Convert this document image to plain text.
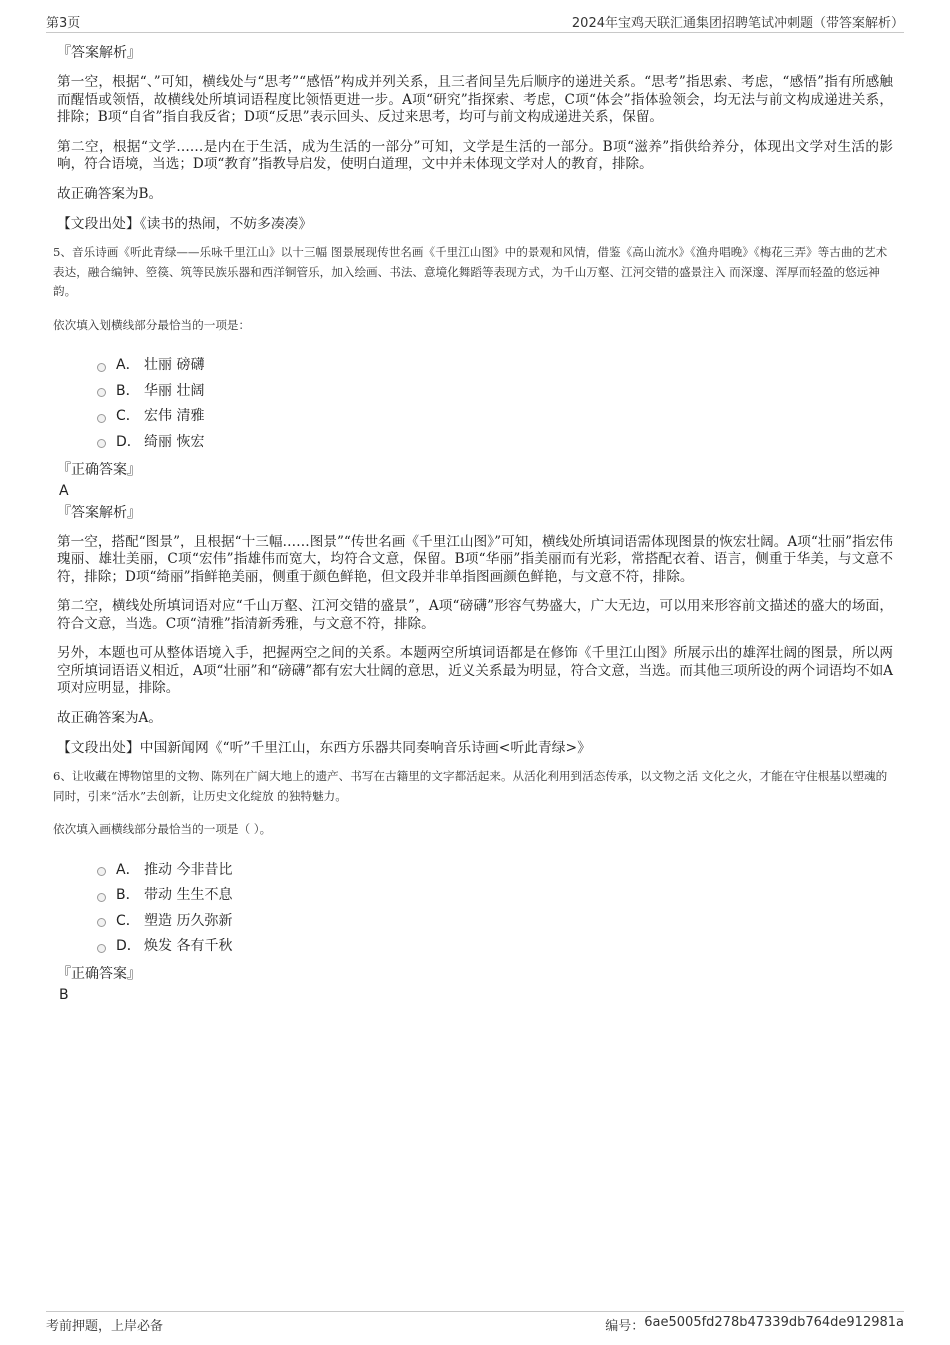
第3页	2024年宝鸡天联汇通集团招聘笔试冲刺题（带答案解析）
『答案解析』

第一空，根据“、”可知，横线处与“思考”“感悟”构成并列关系，且三者间呈先后顺序的递进关系。“思考”指思索、考虑，“感悟”指有所感触而醒悟或领悟，故横线处所填词语程度比领悟更进一步。A项“研究”指探索、考虑，C项“体会”指体验领会，均无法与前文构成递进关系，排除；B项“自省”指自我反省；D项“反思”表示回头、反过来思考，均可与前文构成递进关系，保留。

第二空，根据“文学……是内在于生活，成为生活的一部分”可知，文学是生活的一部分。B项“滋养”指供给养分，体现出文学对生活的影响，符合语境，当选；D项“教育”指教导启发，使明白道理，文中并未体现文学对人的教育，排除。

故正确答案为B。

【文段出处】《读书的热闹，不妨多凑凑》

5、音乐诗画《听此青绿——乐咏千里江山》以十三幅 图景展现传世名画《千里江山图》中的景观和风情，借鉴《高山流水》《渔舟唱晚》《梅花三弄》等古曲的艺术表达，融合编钟、箜篌、筑等民族乐器和西洋铜管乐，加入绘画、书法、意境化舞蹈等表现方式，为千山万壑、江河交错的盛景注入 而深邃、浑厚而轻盈的悠远神韵。

依次填入划横线部分最恰当的一项是：

A． 壮丽 磅礴
B． 华丽 壮阔
C． 宏伟 清雅
D． 绮丽 恢宏
『正确答案』
A
『答案解析』

第一空，搭配“图景”，且根据“十三幅……图景”“传世名画《千里江山图》”可知，横线处所填词语需体现图景的恢宏壮阔。A项“壮丽”指宏伟瑰丽、雄壮美丽，C项“宏伟”指雄伟而宽大，均符合文意，保留。B项“华丽”指美丽而有光彩，常搭配衣着、语言，侧重于华美，与文意不符，排除；D项“绮丽”指鲜艳美丽，侧重于颜色鲜艳，但文段并非单指图画颜色鲜艳，与文意不符，排除。

第二空，横线处所填词语对应“千山万壑、江河交错的盛景”，A项“磅礴”形容气势盛大，广大无边，可以用来形容前文描述的盛大的场面，符合文意，当选。C项“清雅”指清新秀雅，与文意不符，排除。

另外，本题也可从整体语境入手，把握两空之间的关系。本题两空所填词语都是在修饰《千里江山图》所展示出的雄浑壮阔的图景，所以两空所填词语语义相近，A项“壮丽”和“磅礴”都有宏大壮阔的意思，近义关系最为明显，符合文意，当选。而其他三项所设的两个词语均不如A项对应明显，排除。

故正确答案为A。

【文段出处】中国新闻网《“听”千里江山，东西方乐器共同奏响音乐诗画<听此青绿>》

6、让收藏在博物馆里的文物、陈列在广阔大地上的遗产、书写在古籍里的文字都活起来。从活化利用到活态传承，以文物之活 文化之火，才能在守住根基以塑魂的同时，引来“活水”去创新，让历史文化绽放 的独特魅力。

依次填入画横线部分最恰当的一项是（ ）。

A． 推动 今非昔比
B． 带动 生生不息
C． 塑造 历久弥新
D． 焕发 各有千秋
『正确答案』
B
考前押题，上岸必备	编号： 6ae5005fd278b47339db764de912981a
